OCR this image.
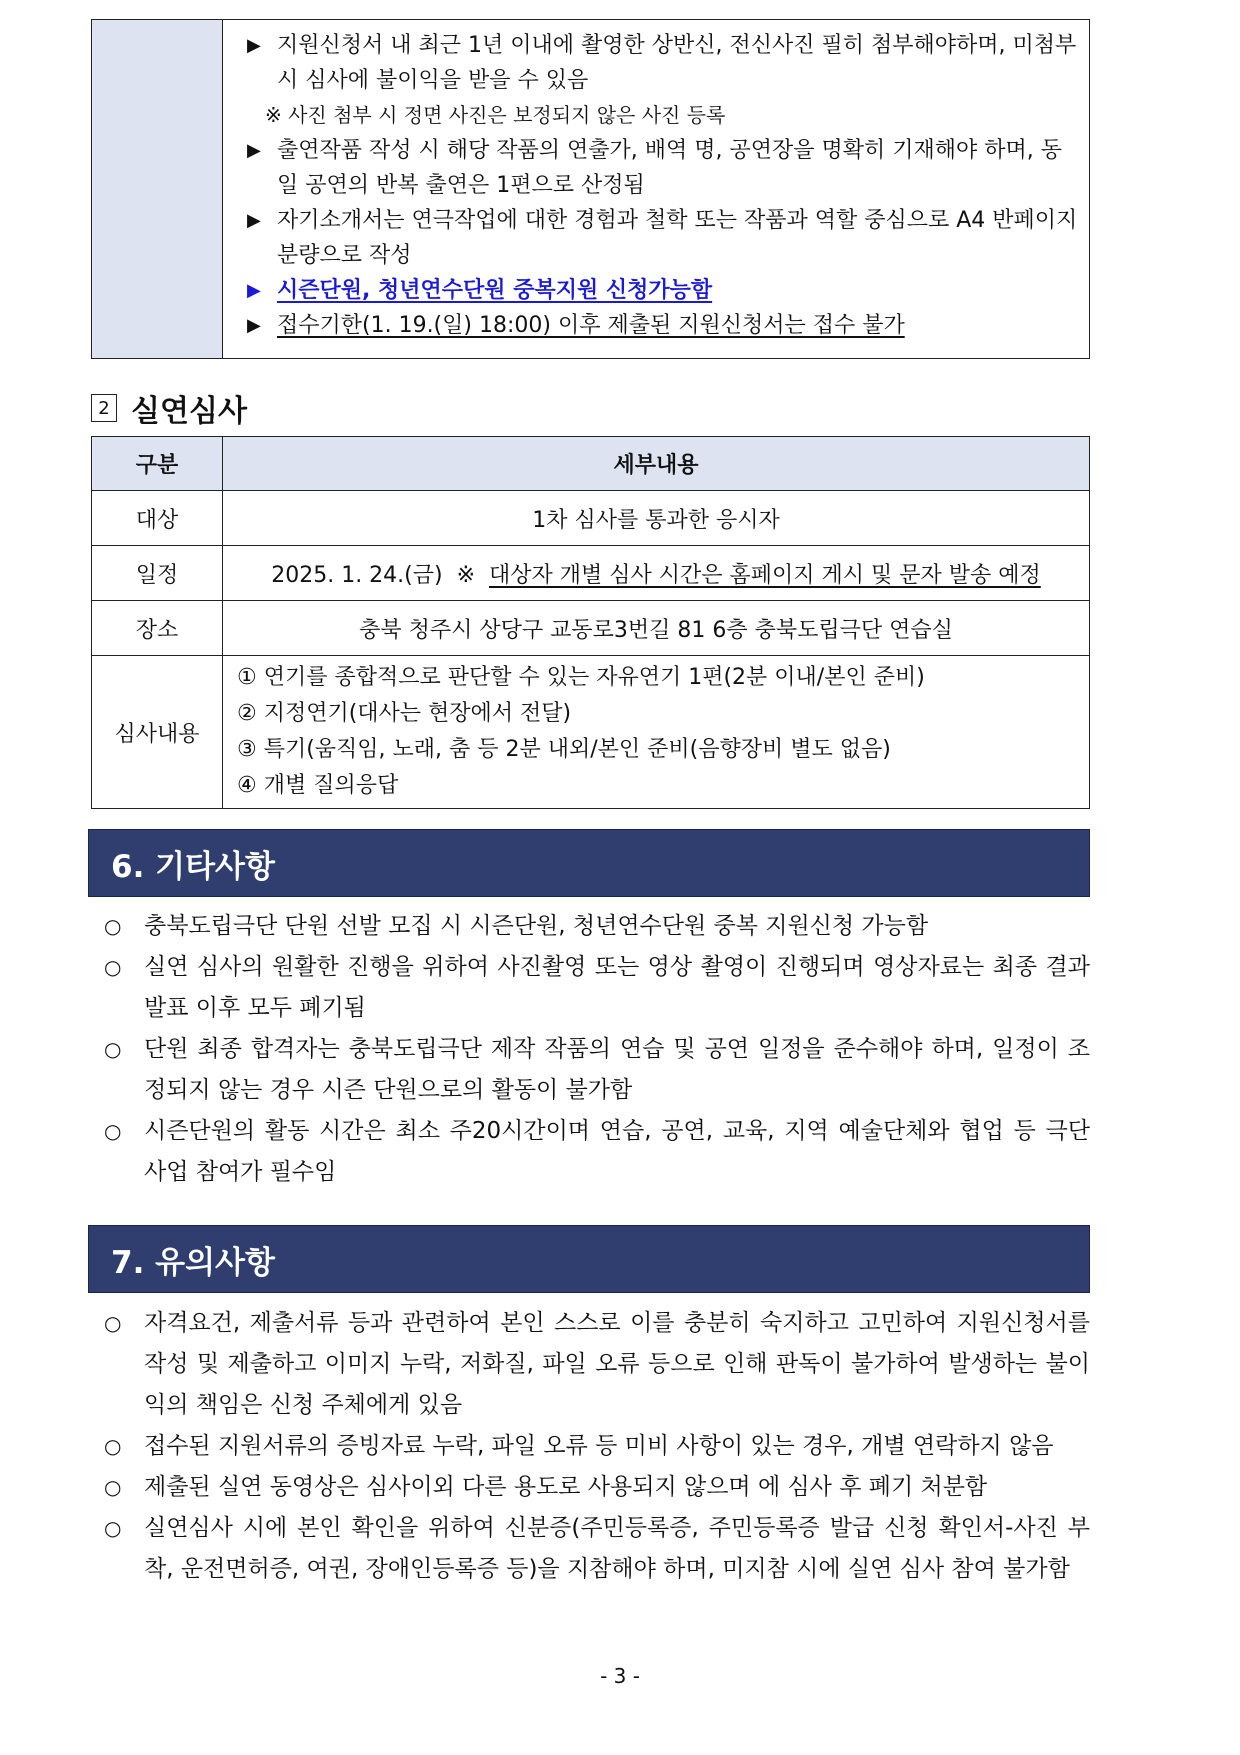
▶ 지원신청서 내 최근 1년 이내에 촬영한 상반신, 전신사진 필히 첨부해야하며, 미첨부 시 심사에 불이익을 받을 수 있음
※ 사진 첨부 시 정면 사진은 보정되지 않은 사진 등록
▶ 출연작품 작성 시 해당 작품의 연출가, 배역 명, 공연장을 명확히 기재해야 하며, 동일 공연의 반복 출연은 1편으로 산정됨
▶ 자기소개서는 연극작업에 대한 경험과 철학 또는 작품과 역할 중심으로 A4 반페이지 분량으로 작성
▶ 시즌단원, 청년연수단원 중복지원 신청가능함
▶ 접수기한(1. 19.(일) 18:00) 이후 제출된 지원신청서는 접수 불가
2 실연심사
구분	세부내용
대상	1차 심사를 통과한 응시자
일정	2025. 1. 24.(금) ※ 대상자 개별 심사 시간은 홈페이지 게시 및 문자 발송 예정
장소	충북 청주시 상당구 교동로3번길 81 6층 충북도립극단 연습실
심사내용	① 연기를 종합적으로 판단할 수 있는 자유연기 1편(2분 이내/본인 준비)
② 지정연기(대사는 현장에서 전달)
③ 특기(움직임, 노래, 춤 등 2분 내외/본인 준비(음향장비 별도 없음)
④ 개별 질의응답
6. 기타사항
○ 충북도립극단 단원 선발 모집 시 시즌단원, 청년연수단원 중복 지원신청 가능함
○ 실연 심사의 원활한 진행을 위하여 사진촬영 또는 영상 촬영이 진행되며 영상자료는 최종 결과발표 이후 모두 폐기됨
○ 단원 최종 합격자는 충북도립극단 제작 작품의 연습 및 공연 일정을 준수해야 하며, 일정이 조정되지 않는 경우 시즌 단원으로의 활동이 불가함
○ 시즌단원의 활동 시간은 최소 주20시간이며 연습, 공연, 교육, 지역 예술단체와 협업 등 극단 사업 참여가 필수임
7. 유의사항
○ 자격요건, 제출서류 등과 관련하여 본인 스스로 이를 충분히 숙지하고 고민하여 지원신청서를 작성 및 제출하고 이미지 누락, 저화질, 파일 오류 등으로 인해 판독이 불가하여 발생하는 불이익의 책임은 신청 주체에게 있음
○ 접수된 지원서류의 증빙자료 누락, 파일 오류 등 미비 사항이 있는 경우, 개별 연락하지 않음
○ 제출된 실연 동영상은 심사이외 다른 용도로 사용되지 않으며 에 심사 후 폐기 처분함
○ 실연심사 시에 본인 확인을 위하여 신분증(주민등록증, 주민등록증 발급 신청 확인서-사진 부착, 운전면허증, 여권, 장애인등록증 등)을 지참해야 하며, 미지참 시에 실연 심사 참여 불가함
- 3 -
